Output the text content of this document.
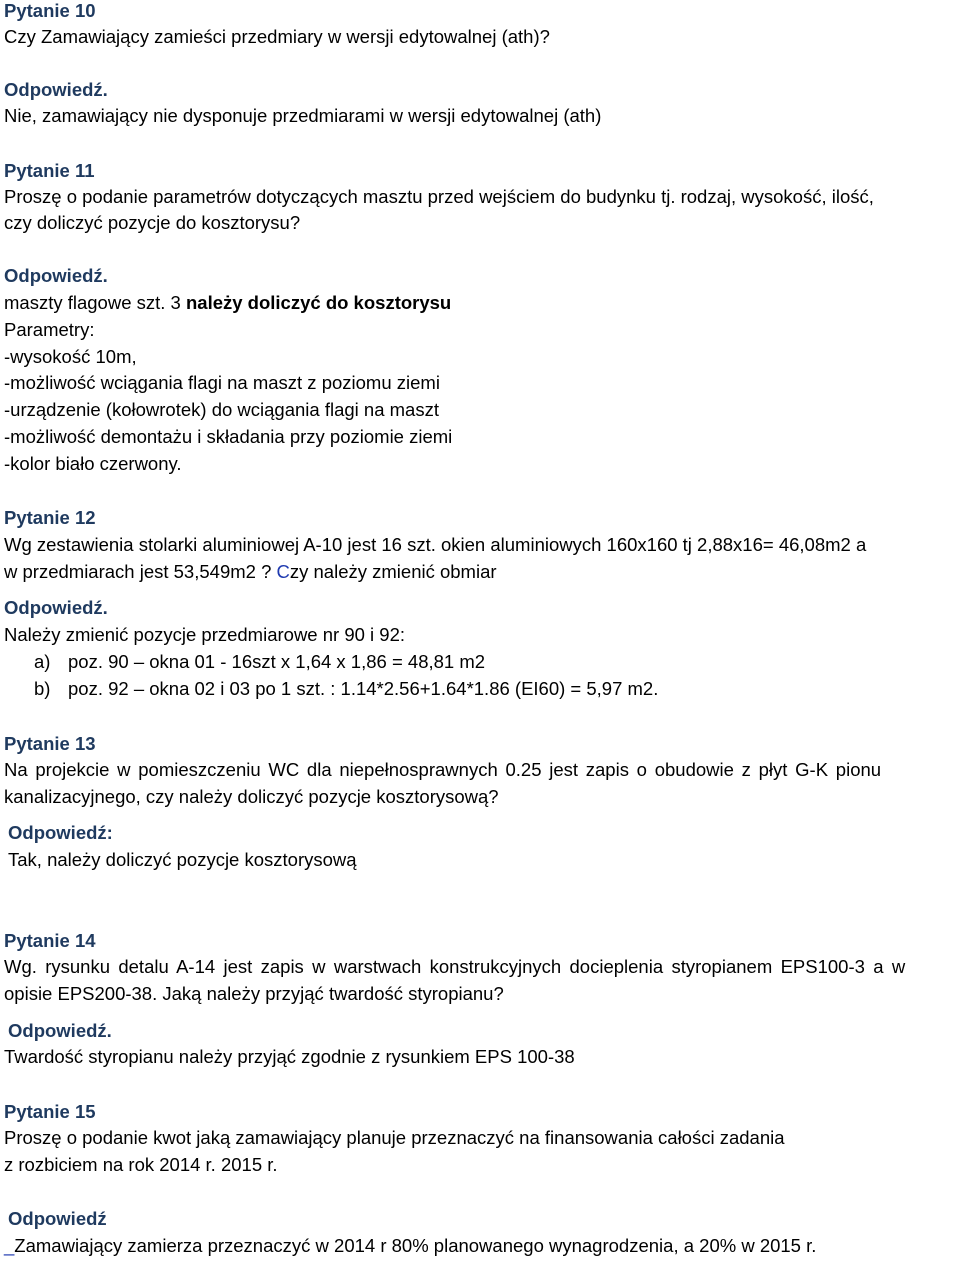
Pytanie 10
Czy Zamawiający zamieści przedmiary w wersji edytowalnej (ath)?
Odpowiedź.
Nie, zamawiający nie dysponuje przedmiarami w wersji edytowalnej (ath)
Pytanie 11
Proszę o podanie parametrów dotyczących masztu przed wejściem do budynku tj. rodzaj, wysokość, ilość,
czy doliczyć pozycje do kosztorysu?
Odpowiedź.
maszty flagowe szt. 3 należy doliczyć do kosztorysu
Parametry:
-wysokość 10m,
-możliwość wciągania flagi na maszt z poziomu ziemi
-urządzenie (kołowrotek) do wciągania flagi na maszt
-możliwość demontażu i składania przy poziomie ziemi
-kolor biało czerwony.
Pytanie 12
Wg zestawienia stolarki aluminiowej A-10 jest 16 szt. okien aluminiowych 160x160 tj 2,88x16= 46,08m2 a
w przedmiarach jest 53,549m2 ? Czy należy zmienić obmiar
Odpowiedź.
Należy zmienić pozycje przedmiarowe nr 90 i 92:
a) poz. 90 – okna 01 - 16szt x 1,64 x 1,86 = 48,81 m2
b) poz. 92 – okna 02 i 03 po 1 szt. : 1.14*2.56+1.64*1.86 (EI60) = 5,97 m2.
Pytanie 13
Na projekcie w pomieszczeniu WC dla niepełnosprawnych 0.25 jest zapis o obudowie z płyt G-K pionu
kanalizacyjnego, czy należy doliczyć pozycje kosztorysową?
Odpowiedź:
Tak, należy doliczyć pozycje kosztorysową
Pytanie 14
Wg. rysunku detalu A-14 jest zapis w warstwach konstrukcyjnych docieplenia styropianem EPS100-3 a w
opisie EPS200-38. Jaką należy przyjąć twardość styropianu?
Odpowiedź.
Twardość styropianu należy przyjąć zgodnie z rysunkiem EPS 100-38
Pytanie 15
Proszę o podanie kwot jaką zamawiający planuje przeznaczyć na finansowania całości zadania
z rozbiciem na rok 2014 r. 2015 r.
Odpowiedź
_Zamawiający zamierza przeznaczyć w 2014 r 80% planowanego wynagrodzenia, a 20% w 2015 r.
